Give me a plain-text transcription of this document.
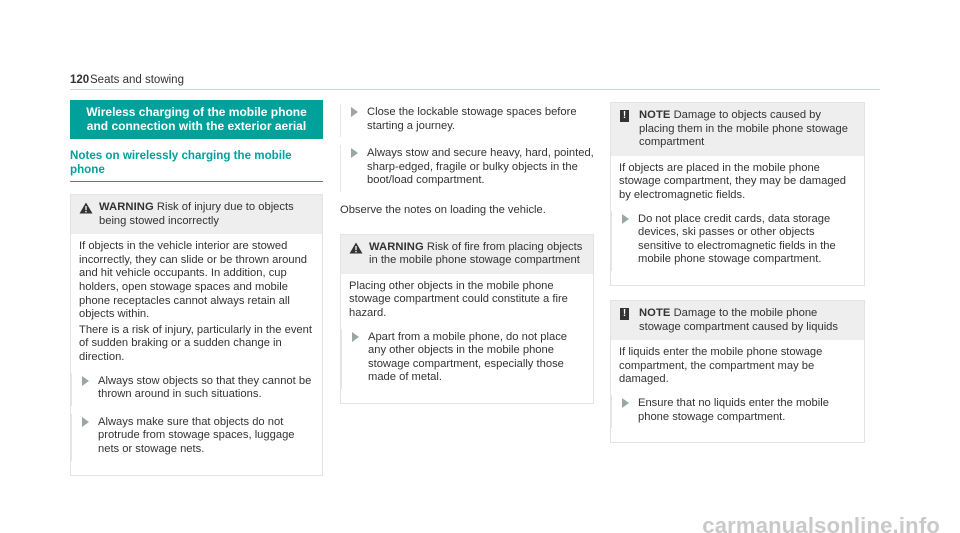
120 Seats and stowing
Wireless charging of the mobile phone and connection with the exterior aerial
Notes on wirelessly charging the mobile phone
WARNING Risk of injury due to objects being stowed incorrectly

If objects in the vehicle interior are stowed incorrectly, they can slide or be thrown around and hit vehicle occupants. In addition, cup holders, open stowage spaces and mobile phone receptacles cannot always retain all objects within.

There is a risk of injury, particularly in the event of sudden braking or a sudden change in direction.

Always stow objects so that they cannot be thrown around in such situations.
Always make sure that objects do not protrude from stowage spaces, luggage nets or stowage nets.
Close the lockable stowage spaces before starting a journey.
Always stow and secure heavy, hard, pointed, sharp-edged, fragile or bulky objects in the boot/load compartment.

Observe the notes on loading the vehicle.

WARNING Risk of fire from placing objects in the mobile phone stowage compartment

Placing other objects in the mobile phone stowage compartment could constitute a fire hazard.

Apart from a mobile phone, do not place any other objects in the mobile phone stowage compartment, especially those made of metal.
! NOTE Damage to objects caused by placing them in the mobile phone stowage compartment

If objects are placed in the mobile phone stowage compartment, they may be damaged by electromagnetic fields.

Do not place credit cards, data storage devices, ski passes or other objects sensitive to electromagnetic fields in the mobile phone stowage compartment.
! NOTE Damage to the mobile phone stowage compartment caused by liquids

If liquids enter the mobile phone stowage compartment, the compartment may be damaged.

Ensure that no liquids enter the mobile phone stowage compartment.
carmanualsonline.info
